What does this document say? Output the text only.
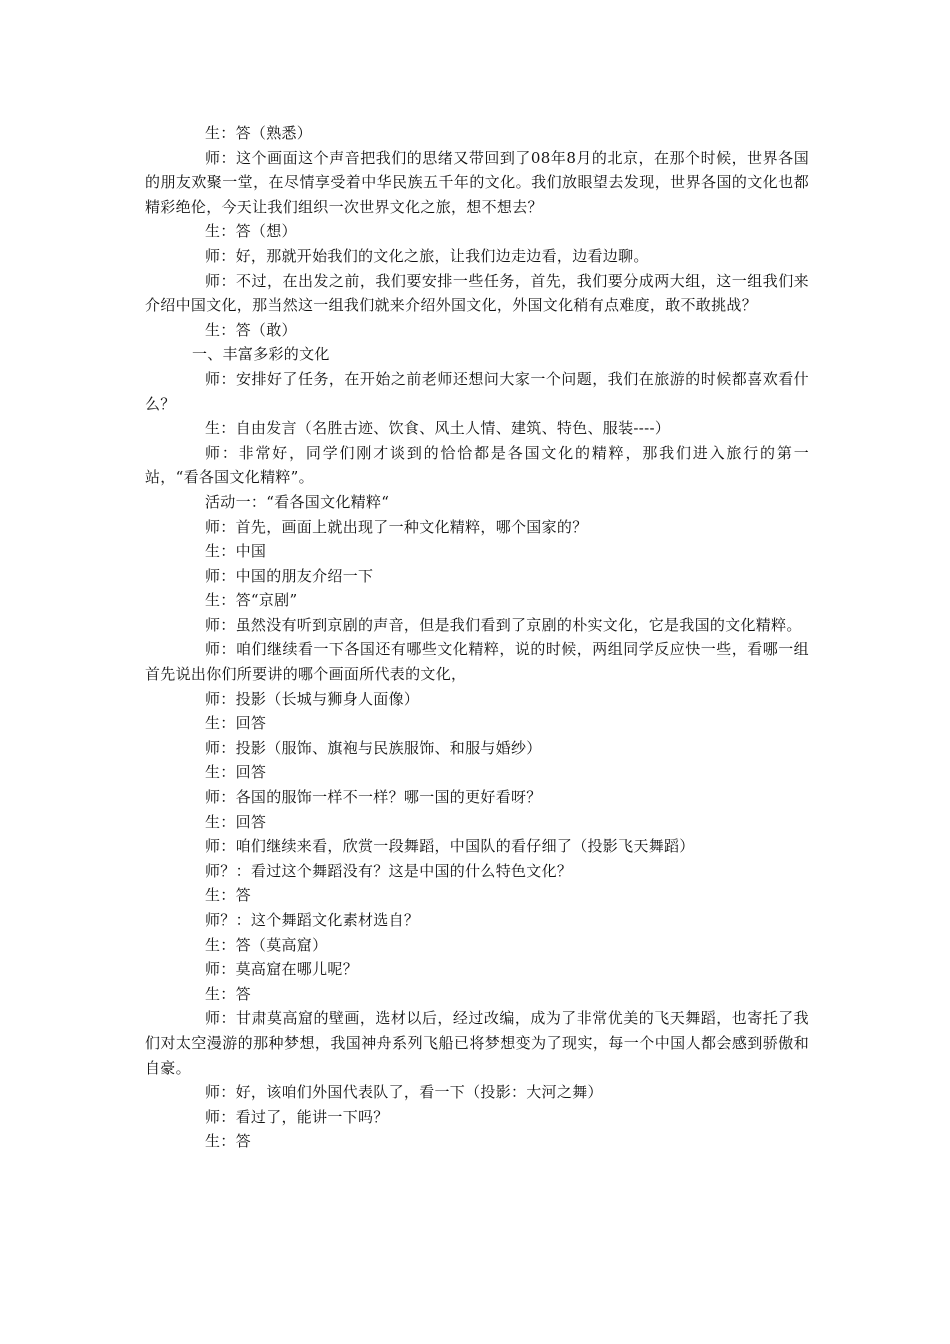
生：答（熟悉）

师：这个画面这个声音把我们的思绪又带回到了08年8月的北京，在那个时候，世界各国的朋友欢聚一堂，在尽情享受着中华民族五千年的文化。我们放眼望去发现，世界各国的文化也都精彩绝伦，今天让我们组织一次世界文化之旅，想不想去？

生：答（想）

师：好，那就开始我们的文化之旅，让我们边走边看，边看边聊。

师：不过，在出发之前，我们要安排一些任务，首先，我们要分成两大组，这一组我们来介绍中国文化，那当然这一组我们就来介绍外国文化，外国文化稍有点难度，敢不敢挑战？

生：答（敢）

一、丰富多彩的文化

师：安排好了任务，在开始之前老师还想问大家一个问题，我们在旅游的时候都喜欢看什么？

生：自由发言（名胜古迹、饮食、风土人情、建筑、特色、服装----）

师：非常好，同学们刚才谈到的恰恰都是各国文化的精粹，那我们进入旅行的第一站，“看各国文化精粹”。

活动一：“看各国文化精粹“

师：首先，画面上就出现了一种文化精粹，哪个国家的？

生：中国

师：中国的朋友介绍一下

生：答“京剧”

师：虽然没有听到京剧的声音，但是我们看到了京剧的朴实文化，它是我国的文化精粹。

师：咱们继续看一下各国还有哪些文化精粹，说的时候，两组同学反应快一些，看哪一组首先说出你们所要讲的哪个画面所代表的文化，

师：投影（长城与狮身人面像）

生：回答

师：投影（服饰、旗袍与民族服饰、和服与婚纱）

生：回答

师：各国的服饰一样不一样？哪一国的更好看呀？

生：回答

师：咱们继续来看，欣赏一段舞蹈，中国队的看仔细了（投影飞天舞蹈）

师？：看过这个舞蹈没有？这是中国的什么特色文化？

生：答

师？：这个舞蹈文化素材选自？

生：答（莫高窟）

师：莫高窟在哪儿呢？

生：答

师：甘肃莫高窟的壁画，选材以后，经过改编，成为了非常优美的飞天舞蹈，也寄托了我们对太空漫游的那种梦想，我国神舟系列飞船已将梦想变为了现实，每一个中国人都会感到骄傲和自豪。

师：好，该咱们外国代表队了，看一下（投影：大河之舞）

师：看过了，能讲一下吗？

生：答
